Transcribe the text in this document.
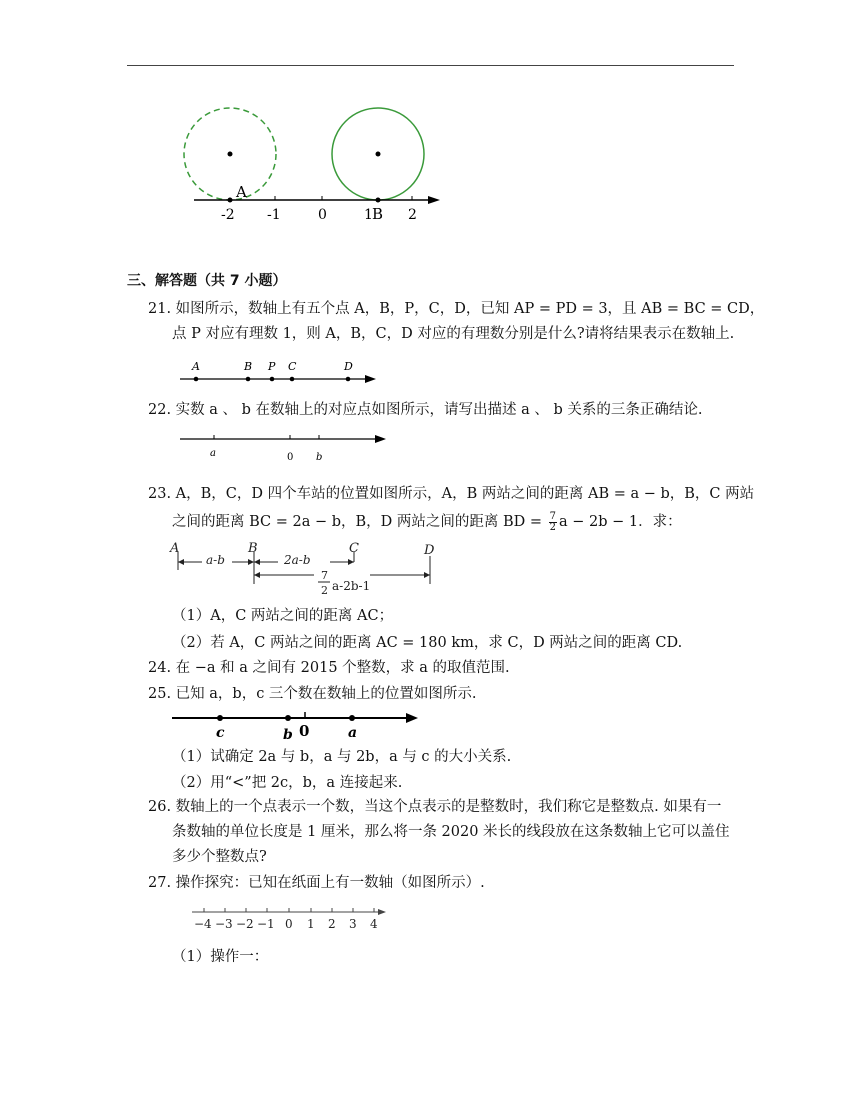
A
-2 -1	0	1 B 2
三、解答题（共 7 小题）
21. 如图所示，数轴上有五个点 A，B，P，C，D，已知 AP = PD = 3，且 AB = BC = CD，
点 P 对应有理数 1，则 A，B，C，D 对应的有理数分别是什么?请将结果表示在数轴上.
A	B P C	D
22. 实数 a 、 b 在数轴上的对应点如图所示，请写出描述 a 、 b 关系的三条正确结论.
a	0 b
23. A，B，C，D 四个车站的位置如图所示，A，B 两站之间的距离 AB = a − b，B，C 两站
之间的距离 BC = 2a − b，B，D 两站之间的距离 BD = $\frac{7}{2}$ a − 2b − 1．求：
A	B	C	D
a-b	2a-b
7
2 a-2b-1
（1）A，C 两站之间的距离 AC；
（2）若 A，C 两站之间的距离 AC = 180 km，求 C，D 两站之间的距离 CD.
24. 在 −a 和 a 之间有 2015 个整数，求 a 的取值范围.
25. 已知 a，b，c 三个数在数轴上的位置如图所示.
c	b	a
0
（1）试确定 2a 与 b，a 与 2b，a 与 c 的大小关系.
（2）用“<”把 2c，b，a 连接起来.
26. 数轴上的一个点表示一个数，当这个点表示的是整数时，我们称它是整数点. 如果有一
条数轴的单位长度是 1 厘米，那么将一条 2020 米长的线段放在这条数轴上它可以盖住
多少个整数点?
27. 操作探究：已知在纸面上有一数轴（如图所示）.
−4 −3 −2 −1 0 1 2 3 4
（1）操作一：
